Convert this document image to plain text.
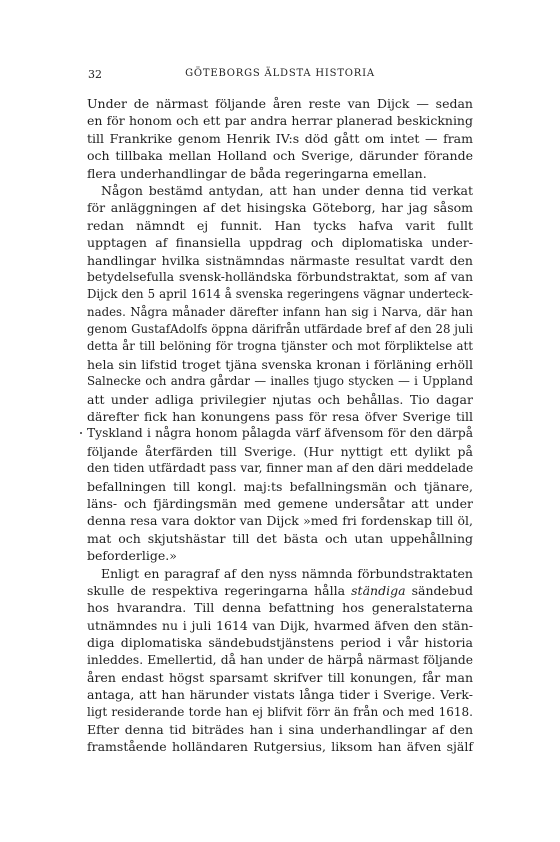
32	GÖTEBORGS ÄLDSTA HISTORIA
Under de närmast följande åren reste van Dijck — sedan
en för honom och ett par andra herrar planerad beskickning
till Frankrike genom Henrik IV:s död gått om intet — fram
och tillbaka mellan Holland och Sverige, därunder förande
flera underhandlingar de båda regeringarna emellan.
Någon bestämd antydan, att han under denna tid verkat
för anläggningen af det hisingska Göteborg, har jag såsom
redan nämndt ej funnit. Han tycks hafva varit fullt
upptagen af finansiella uppdrag och diplomatiska under-
handlingar hvilka sistnämndas närmaste resultat vardt den
betydelsefulla svensk-holländska förbundstraktat, som af van
Dijck den 5 april 1614 å svenska regeringens vägnar underteck-
nades. Några månader därefter infann han sig i Narva, där han
genom GustafAdolfs öppna därifrån utfärdade bref af den 28 juli
detta år till belöning för trogna tjänster och mot förpliktelse att
hela sin lifstid troget tjäna svenska kronan i förläning erhöll
Salnecke och andra gårdar — inalles tjugo stycken — i Uppland
att under adliga privilegier njutas och behållas. Tio dagar
därefter fick han konungens pass för resa öfver Sverige till
Tyskland i några honom pålagda värf äfvensom för den därpå
följande återfärden till Sverige. (Hur nyttigt ett dylikt på
den tiden utfärdadt pass var, finner man af den däri meddelade
befallningen till kongl. maj:ts befallningsmän och tjänare,
läns- och fjärdingsmän med gemene undersåtar att under
denna resa vara doktor van Dijck »med fri fordenskap till öl,
mat och skjutshästar till det bästa och utan uppehållning
beforderlige.»
Enligt en paragraf af den nyss nämnda förbundstraktaten
skulle de respektiva regeringarna hålla ständiga sändebud
hos hvarandra. Till denna befattning hos generalstaterna
utnämndes nu i juli 1614 van Dijk, hvarmed äfven den stän-
diga diplomatiska sändebudstjänstens period i vår historia
inleddes. Emellertid, då han under de härpå närmast följande
åren endast högst sparsamt skrifver till konungen, får man
antaga, att han härunder vistats långa tider i Sverige. Verk-
ligt residerande torde han ej blifvit förr än från och med 1618.
Efter denna tid biträdes han i sina underhandlingar af den
framstående holländaren Rutgersius, liksom han äfven själf
